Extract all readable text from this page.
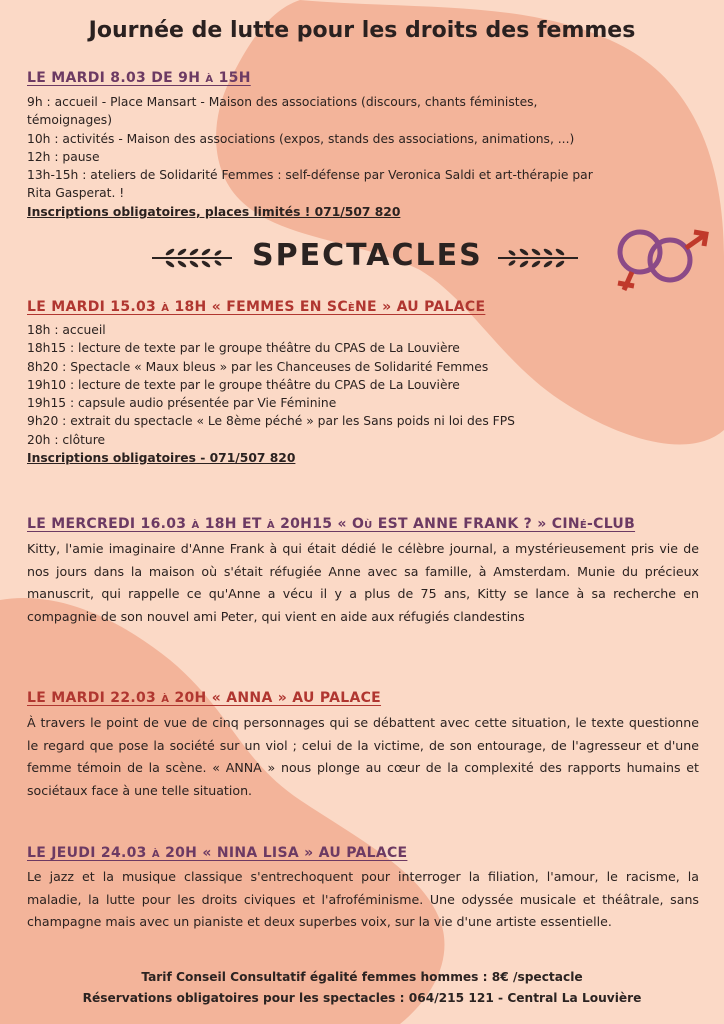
Journée de lutte pour les droits des femmes
LE MARDI 8.03 DE 9H à 15H
9h : accueil - Place Mansart - Maison des associations (discours, chants féministes,
témoignages)
10h : activités - Maison des associations (expos, stands des associations, animations, ...)
12h : pause
13h-15h : ateliers de Solidarité Femmes : self-défense par Veronica Saldi et art-thérapie par
Rita Gasperat. !
Inscriptions obligatoires, places limités ! 071/507 820
SPECTACLES
LE MARDI 15.03 à 18H « FEMMES EN SCèNE » AU PALACE
18h : accueil
18h15 : lecture de texte par le groupe théâtre du CPAS de La Louvière
8h20 : Spectacle « Maux bleus » par les Chanceuses de Solidarité Femmes
19h10 : lecture de texte par le groupe théâtre du CPAS de La Louvière
19h15 : capsule audio présentée par Vie Féminine
9h20 : extrait du spectacle « Le 8ème péché » par les Sans poids ni loi des FPS
20h : clôture
Inscriptions obligatoires - 071/507 820
LE MERCREDI 16.03 à 18H ET à 20H15 « Où EST ANNE FRANK ? » CINé-CLUB
Kitty, l'amie imaginaire d'Anne Frank à qui était dédié le célèbre journal, a mystérieusement pris vie de nos jours dans la maison où s'était réfugiée Anne avec sa famille, à Amsterdam. Munie du précieux manuscrit, qui rappelle ce qu'Anne a vécu il y a plus de 75 ans, Kitty se lance à sa recherche en compagnie de son nouvel ami Peter, qui vient en aide aux réfugiés clandestins
LE MARDI 22.03 à 20H « ANNA » AU PALACE
À travers le point de vue de cinq personnages qui se débattent avec cette situation, le texte questionne le regard que pose la société sur un viol ; celui de la victime, de son entourage, de l'agresseur et d'une femme témoin de la scène. « ANNA » nous plonge au cœur de la complexité des rapports humains et sociétaux face à une telle situation.
LE JEUDI 24.03 à 20H « NINA LISA » AU PALACE
Le jazz et la musique classique s'entrechoquent pour interroger la filiation, l'amour, le racisme, la maladie, la lutte pour les droits civiques et l'afroféminisme. Une odyssée musicale et théâtrale, sans champagne mais avec un pianiste et deux superbes voix, sur la vie d'une artiste essentielle.
Tarif Conseil Consultatif égalité femmes hommes : 8€ /spectacle
Réservations obligatoires pour les spectacles : 064/215 121 - Central La Louvière
